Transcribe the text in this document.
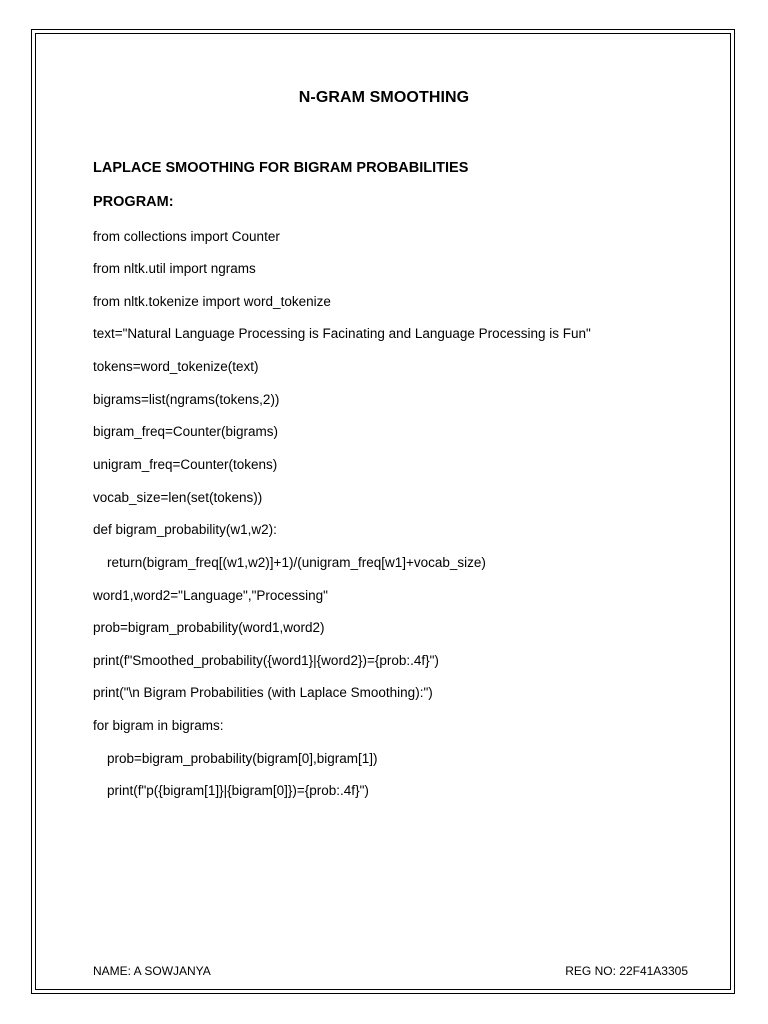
N-GRAM SMOOTHING
LAPLACE SMOOTHING FOR BIGRAM PROBABILITIES
PROGRAM:
from collections import Counter
from nltk.util import ngrams
from nltk.tokenize import word_tokenize
text="Natural Language Processing is Facinating and Language Processing is Fun"
tokens=word_tokenize(text)
bigrams=list(ngrams(tokens,2))
bigram_freq=Counter(bigrams)
unigram_freq=Counter(tokens)
vocab_size=len(set(tokens))
def bigram_probability(w1,w2):
return(bigram_freq[(w1,w2)]+1)/(unigram_freq[w1]+vocab_size)
word1,word2="Language","Processing"
prob=bigram_probability(word1,word2)
print(f"Smoothed_probability({word1}|{word2})={prob:.4f}")
print("\n Bigram Probabilities (with Laplace Smoothing):")
for bigram in bigrams:
prob=bigram_probability(bigram[0],bigram[1])
print(f"p({bigram[1]}|{bigram[0]})={prob:.4f}")
NAME: A SOWJANYA	REG NO: 22F41A3305
